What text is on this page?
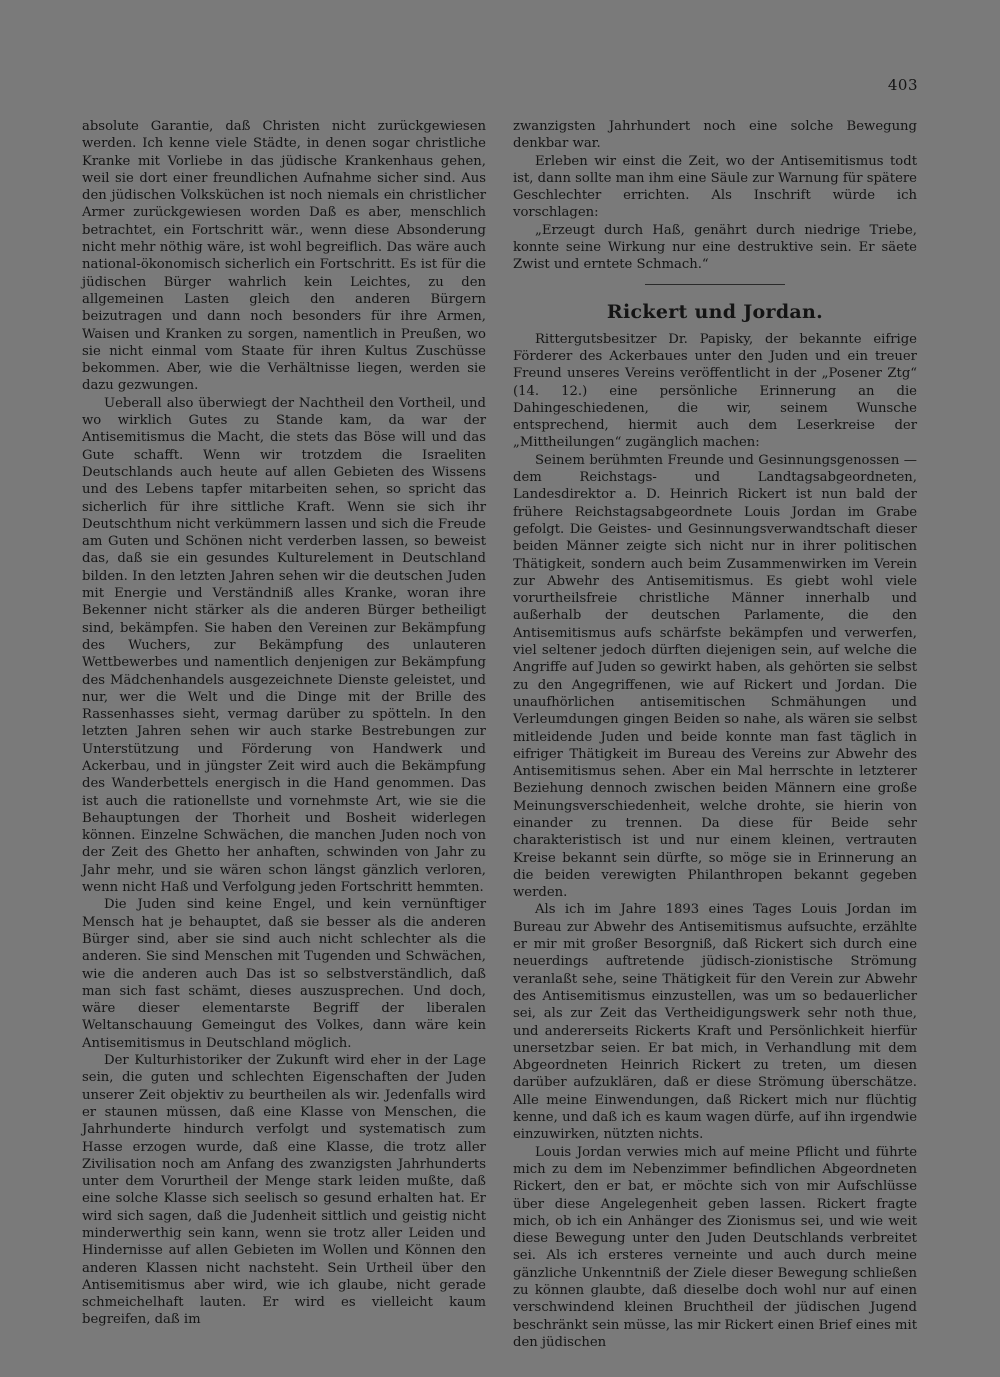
403

absolute Garantie, daß Christen nicht zurückgewiesen werden. Ich kenne viele Städte, in denen sogar christliche Kranke mit Vorliebe in das jüdische Krankenhaus gehen, weil sie dort einer freundlichen Aufnahme sicher sind. Aus den jüdischen Volksküchen ist noch niemals ein christlicher Armer zurückgewiesen worden Daß es aber, menschlich betrachtet, ein Fortschritt wär., wenn diese Absonderung nicht mehr nöthig wäre, ist wohl begreiflich. Das wäre auch national-ökonomisch sicherlich ein Fortschritt. Es ist für die jüdischen Bürger wahrlich kein Leichtes, zu den allgemeinen Lasten gleich den anderen Bürgern beizutragen und dann noch besonders für ihre Armen, Waisen und Kranken zu sorgen, namentlich in Preußen, wo sie nicht einmal vom Staate für ihren Kultus Zuschüsse bekommen. Aber, wie die Verhältnisse liegen, werden sie dazu gezwungen.

Ueberall also überwiegt der Nachtheil den Vortheil, und wo wirklich Gutes zu Stande kam, da war der Antisemitismus die Macht, die stets das Böse will und das Gute schafft. Wenn wir trotzdem die Israeliten Deutschlands auch heute auf allen Gebieten des Wissens und des Lebens tapfer mitarbeiten sehen, so spricht das sicherlich für ihre sittliche Kraft. Wenn sie sich ihr Deutschthum nicht verkümmern lassen und sich die Freude am Guten und Schönen nicht verderben lassen, so beweist das, daß sie ein gesundes Kulturelement in Deutschland bilden. In den letzten Jahren sehen wir die deutschen Juden mit Energie und Verständniß alles Kranke, woran ihre Bekenner nicht stärker als die anderen Bürger betheiligt sind, bekämpfen. Sie haben den Vereinen zur Bekämpfung des Wuchers, zur Bekämpfung des unlauteren Wettbewerbes und namentlich denjenigen zur Bekämpfung des Mädchenhandels ausgezeichnete Dienste geleistet, und nur, wer die Welt und die Dinge mit der Brille des Rassenhasses sieht, vermag darüber zu spötteln. In den letzten Jahren sehen wir auch starke Bestrebungen zur Unterstützung und Förderung von Handwerk und Ackerbau, und in jüngster Zeit wird auch die Bekämpfung des Wanderbettels energisch in die Hand genommen. Das ist auch die rationellste und vornehmste Art, wie sie die Behauptungen der Thorheit und Bosheit widerlegen können. Einzelne Schwächen, die manchen Juden noch von der Zeit des Ghetto her anhaften, schwinden von Jahr zu Jahr mehr, und sie wären schon längst gänzlich verloren, wenn nicht Haß und Verfolgung jeden Fortschritt hemmten.

Die Juden sind keine Engel, und kein vernünftiger Mensch hat je behauptet, daß sie besser als die anderen Bürger sind, aber sie sind auch nicht schlechter als die anderen. Sie sind Menschen mit Tugenden und Schwächen, wie die anderen auch Das ist so selbstverständlich, daß man sich fast schämt, dieses auszusprechen. Und doch, wäre dieser elementarste Begriff der liberalen Weltanschauung Gemeingut des Volkes, dann wäre kein Antisemitismus in Deutschland möglich.

Der Kulturhistoriker der Zukunft wird eher in der Lage sein, die guten und schlechten Eigenschaften der Juden unserer Zeit objektiv zu beurtheilen als wir. Jedenfalls wird er staunen müssen, daß eine Klasse von Menschen, die Jahrhunderte hindurch verfolgt und systematisch zum Hasse erzogen wurde, daß eine Klasse, die trotz aller Zivilisation noch am Anfang des zwanzigsten Jahrhunderts unter dem Vorurtheil der Menge stark leiden mußte, daß eine solche Klasse sich seelisch so gesund erhalten hat. Er wird sich sagen, daß die Judenheit sittlich und geistig nicht minderwerthig sein kann, wenn sie trotz aller Leiden und Hindernisse auf allen Gebieten im Wollen und Können den anderen Klassen nicht nachsteht. Sein Urtheil über den Antisemitismus aber wird, wie ich glaube, nicht gerade schmeichelhaft lauten. Er wird es vielleicht kaum begreifen, daß im

zwanzigsten Jahrhundert noch eine solche Bewegung denkbar war.

Erleben wir einst die Zeit, wo der Antisemitismus todt ist, dann sollte man ihm eine Säule zur Warnung für spätere Geschlechter errichten. Als Inschrift würde ich vorschlagen:

„Erzeugt durch Haß, genährt durch niedrige Triebe, konnte seine Wirkung nur eine destruktive sein. Er säete Zwist und erntete Schmach.“

Rickert und Jordan.

Rittergutsbesitzer Dr. Papisky, der bekannte eifrige Förderer des Ackerbaues unter den Juden und ein treuer Freund unseres Vereins veröffentlicht in der „Posener Ztg“ (14. 12.) eine persönliche Erinnerung an die Dahingeschiedenen, die wir, seinem Wunsche entsprechend, hiermit auch dem Leserkreise der „Mittheilungen“ zugänglich machen:

Seinem berühmten Freunde und Gesinnungsgenossen — dem Reichstags- und Landtagsabgeordneten, Landesdirektor a. D. Heinrich Rickert ist nun bald der frühere Reichstagsabgeordnete Louis Jordan im Grabe gefolgt. Die Geistes- und Gesinnungsverwandtschaft dieser beiden Männer zeigte sich nicht nur in ihrer politischen Thätigkeit, sondern auch beim Zusammenwirken im Verein zur Abwehr des Antisemitismus. Es giebt wohl viele vorurtheilsfreie christliche Männer innerhalb und außerhalb der deutschen Parlamente, die den Antisemitismus aufs schärfste bekämpfen und verwerfen, viel seltener jedoch dürften diejenigen sein, auf welche die Angriffe auf Juden so gewirkt haben, als gehörten sie selbst zu den Angegriffenen, wie auf Rickert und Jordan. Die unaufhörlichen antisemitischen Schmähungen und Verleumdungen gingen Beiden so nahe, als wären sie selbst mitleidende Juden und beide konnte man fast täglich in eifriger Thätigkeit im Bureau des Vereins zur Abwehr des Antisemitismus sehen. Aber ein Mal herrschte in letzterer Beziehung dennoch zwischen beiden Männern eine große Meinungsverschiedenheit, welche drohte, sie hierin von einander zu trennen. Da diese für Beide sehr charakteristisch ist und nur einem kleinen, vertrauten Kreise bekannt sein dürfte, so möge sie in Erinnerung an die beiden verewigten Philanthropen bekannt gegeben werden.

Als ich im Jahre 1893 eines Tages Louis Jordan im Bureau zur Abwehr des Antisemitismus aufsuchte, erzählte er mir mit großer Besorgniß, daß Rickert sich durch eine neuerdings auftretende jüdisch-zionistische Strömung veranlaßt sehe, seine Thätigkeit für den Verein zur Abwehr des Antisemitismus einzustellen, was um so bedauerlicher sei, als zur Zeit das Vertheidigungswerk sehr noth thue, und andererseits Rickerts Kraft und Persönlichkeit hierfür unersetzbar seien. Er bat mich, in Verhandlung mit dem Abgeordneten Heinrich Rickert zu treten, um diesen darüber aufzuklären, daß er diese Strömung überschätze. Alle meine Einwendungen, daß Rickert mich nur flüchtig kenne, und daß ich es kaum wagen dürfe, auf ihn irgendwie einzuwirken, nützten nichts.

Louis Jordan verwies mich auf meine Pflicht und führte mich zu dem im Nebenzimmer befindlichen Abgeordneten Rickert, den er bat, er möchte sich von mir Aufschlüsse über diese Angelegenheit geben lassen. Rickert fragte mich, ob ich ein Anhänger des Zionismus sei, und wie weit diese Bewegung unter den Juden Deutschlands verbreitet sei. Als ich ersteres verneinte und auch durch meine gänzliche Unkenntniß der Ziele dieser Bewegung schließen zu können glaubte, daß dieselbe doch wohl nur auf einen verschwindend kleinen Bruchtheil der jüdischen Jugend beschränkt sein müsse, las mir Rickert einen Brief eines mit den jüdischen
